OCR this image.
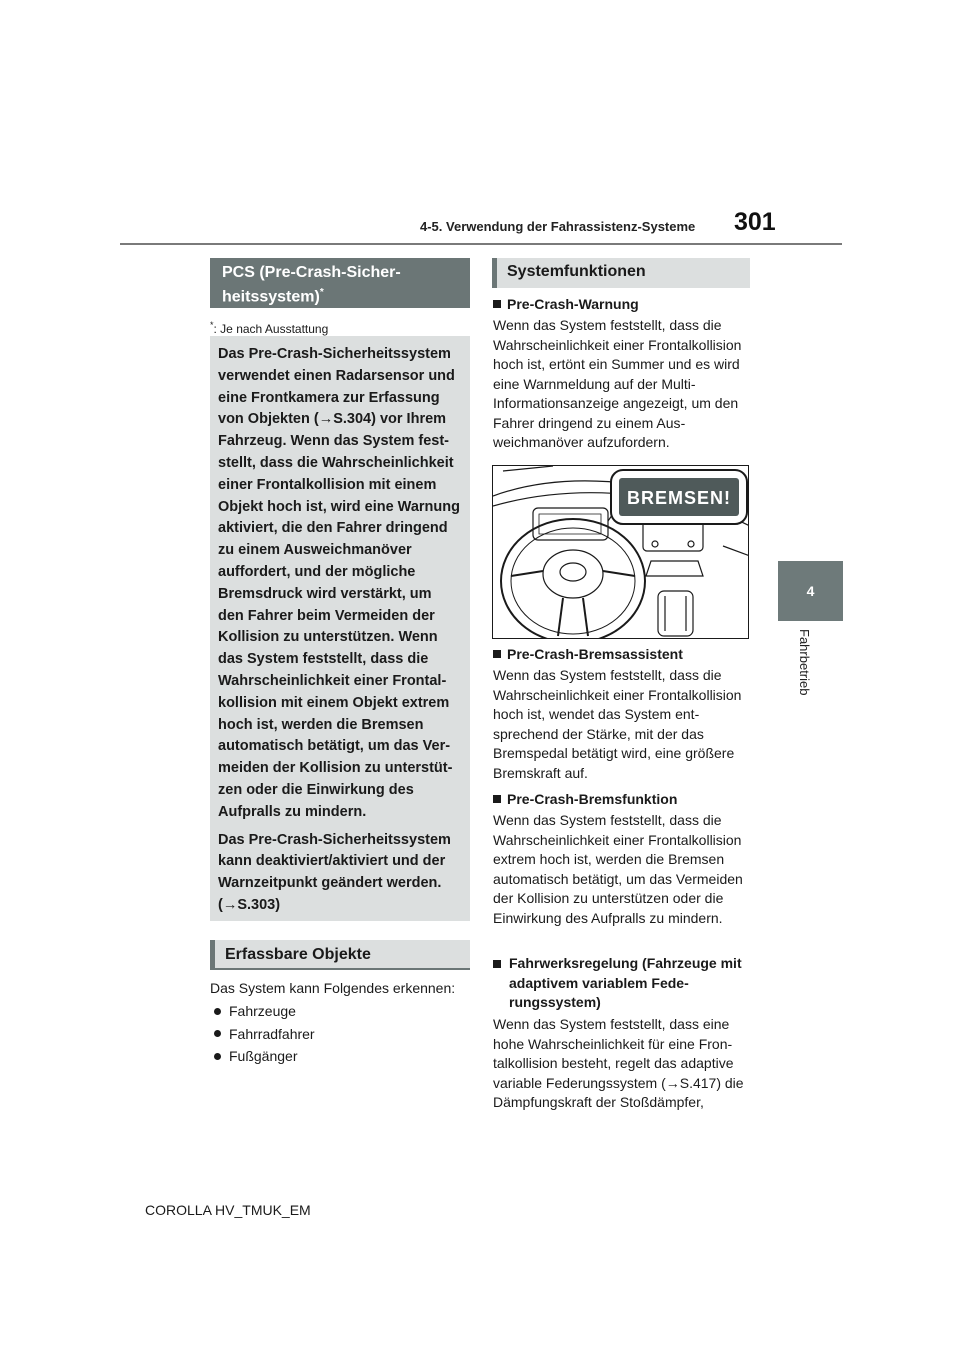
4-5. Verwendung der Fahrassistenz-Systeme 301
4
Fahrbetrieb
PCS (Pre-Crash-Sicher-
heitssystem)*
*: Je nach Ausstattung

Das Pre-Crash-Sicherheitssystem verwendet einen Radarsensor und eine Frontkamera zur Erfassung von Objekten (→S.304) vor Ihrem Fahrzeug. Wenn das System feststellt, dass die Wahrscheinlichkeit einer Frontalkollision mit einem Objekt hoch ist, wird eine Warnung aktiviert, die den Fahrer dringend zu einem Ausweichmanöver auffordert, und der mögliche Bremsdruck wird verstärkt, um den Fahrer beim Vermeiden der Kollision zu unterstützen. Wenn das System feststellt, dass die Wahrscheinlichkeit einer Frontalkollision mit einem Objekt extrem hoch ist, werden die Bremsen automatisch betätigt, um das Vermeiden der Kollision zu unterstützen oder die Einwirkung des Aufpralls zu mindern.

Das Pre-Crash-Sicherheitssystem kann deaktiviert/aktiviert und der Warnzeitpunkt geändert werden. (→S.303)

Erfassbare Objekte
Das System kann Folgendes erkennen:
Fahrzeuge
Fahrradfahrer
Fußgänger
Systemfunktionen
Pre-Crash-Warnung
Wenn das System feststellt, dass die Wahrscheinlichkeit einer Frontalkollision hoch ist, ertönt ein Summer und es wird eine Warnmeldung auf der Multi-Informationsanzeige angezeigt, um den Fahrer dringend zu einem Ausweichmanöver aufzufordern.
BREMSEN!
Pre-Crash-Bremsassistent
Wenn das System feststellt, dass die Wahrscheinlichkeit einer Frontalkollision hoch ist, wendet das System entsprechend der Stärke, mit der das Bremspedal betätigt wird, eine größere Bremskraft auf.
Pre-Crash-Bremsfunktion
Wenn das System feststellt, dass die Wahrscheinlichkeit einer Frontalkollision extrem hoch ist, werden die Bremsen automatisch betätigt, um das Vermeiden der Kollision zu unterstützen oder die Einwirkung des Aufpralls zu mindern.
Fahrwerksregelung (Fahrzeuge mit adaptivem variablem Federungssystem)
Wenn das System feststellt, dass eine hohe Wahrscheinlichkeit für eine Frontalkollision besteht, regelt das adaptive variable Federungssystem (→S.417) die Dämpfungskraft der Stoßdämpfer,
COROLLA HV_TMUK_EM
